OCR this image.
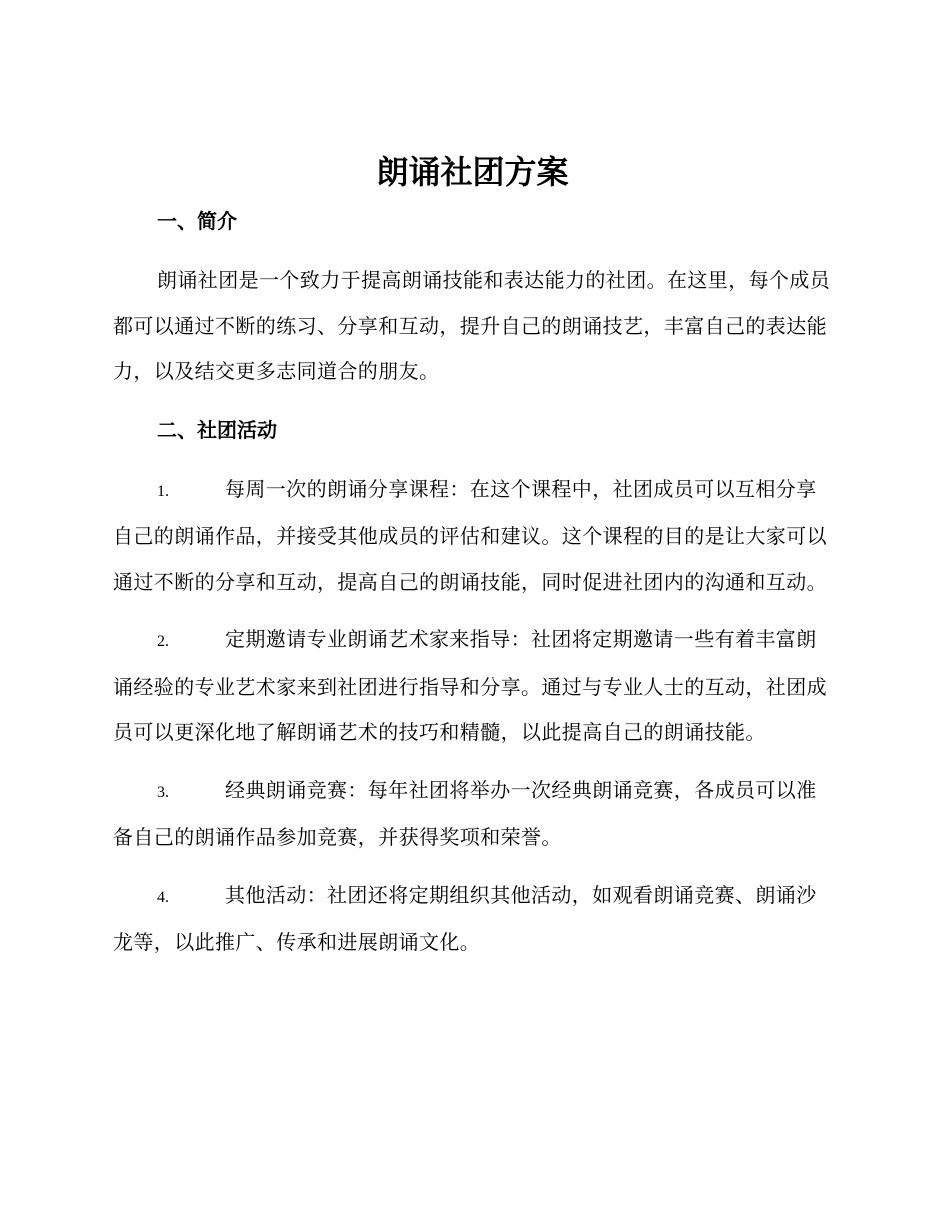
朗诵社团方案
一、简介

朗诵社团是一个致力于提高朗诵技能和表达能力的社团。在这里，每个成员都可以通过不断的练习、分享和互动，提升自己的朗诵技艺，丰富自己的表达能力，以及结交更多志同道合的朋友。

二、社团活动

1.	每周一次的朗诵分享课程：在这个课程中，社团成员可以互相分享自己的朗诵作品，并接受其他成员的评估和建议。这个课程的目的是让大家可以通过不断的分享和互动，提高自己的朗诵技能，同时促进社团内的沟通和互动。

2.	定期邀请专业朗诵艺术家来指导：社团将定期邀请一些有着丰富朗诵经验的专业艺术家来到社团进行指导和分享。通过与专业人士的互动，社团成员可以更深化地了解朗诵艺术的技巧和精髓，以此提高自己的朗诵技能。

3.	经典朗诵竞赛：每年社团将举办一次经典朗诵竞赛，各成员可以准备自己的朗诵作品参加竞赛，并获得奖项和荣誉。

4.	其他活动：社团还将定期组织其他活动，如观看朗诵竞赛、朗诵沙龙等，以此推广、传承和进展朗诵文化。
